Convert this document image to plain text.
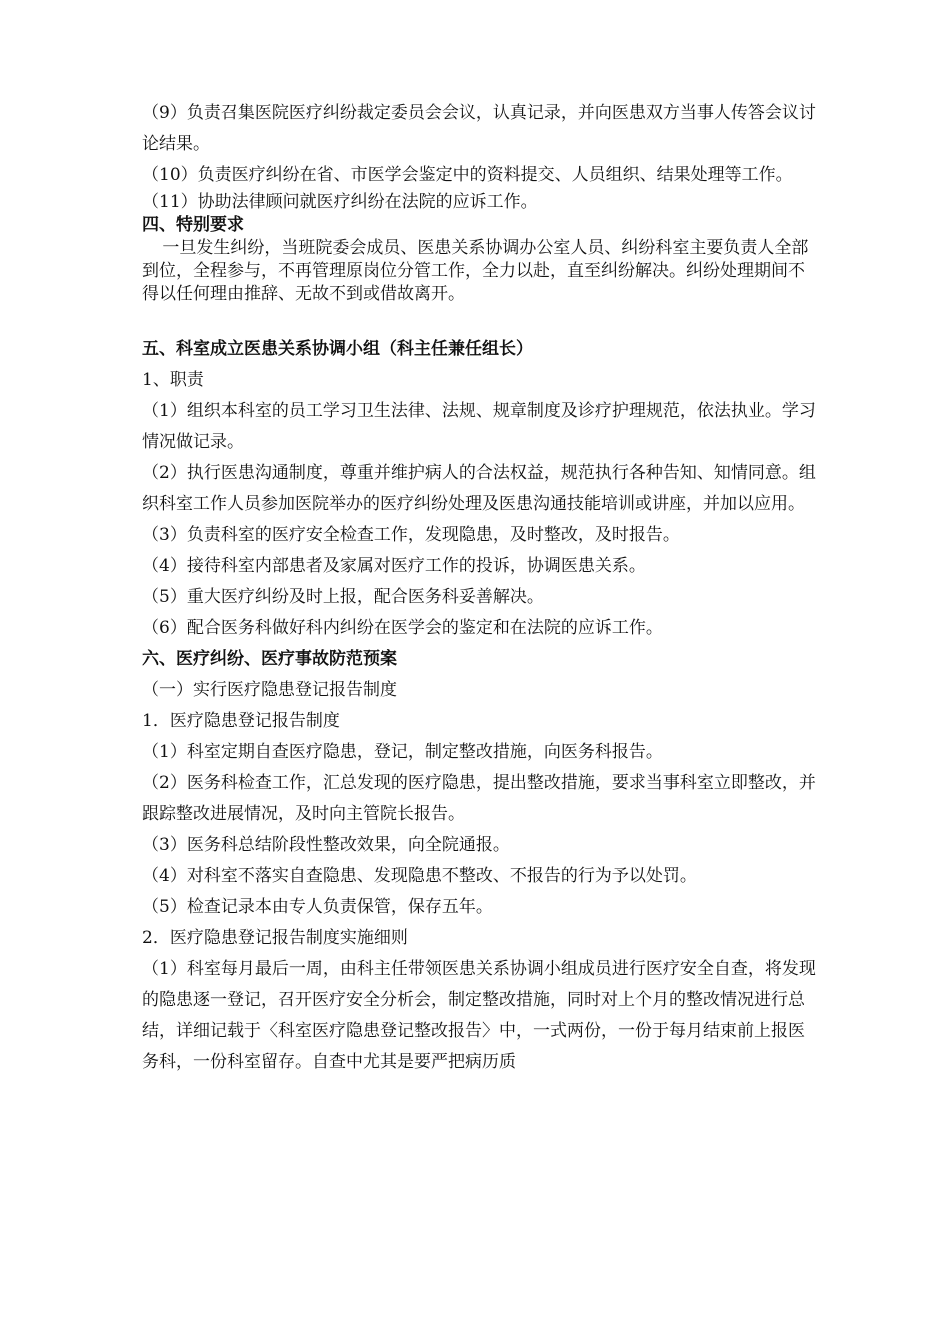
（9）负责召集医院医疗纠纷裁定委员会会议，认真记录，并向医患双方当事人传答会议讨论结果。

（10）负责医疗纠纷在省、市医学会鉴定中的资料提交、人员组织、结果处理等工作。

（11）协助法律顾问就医疗纠纷在法院的应诉工作。

四、特别要求

一旦发生纠纷，当班院委会成员、医患关系协调办公室人员、纠纷科室主要负责人全部到位，全程参与，不再管理原岗位分管工作，全力以赴，直至纠纷解决。纠纷处理期间不得以任何理由推辞、无故不到或借故离开。

五、科室成立医患关系协调小组（科主任兼任组长）

1、职责

（1）组织本科室的员工学习卫生法律、法规、规章制度及诊疗护理规范，依法执业。学习情况做记录。

（2）执行医患沟通制度，尊重并维护病人的合法权益，规范执行各种告知、知情同意。组织科室工作人员参加医院举办的医疗纠纷处理及医患沟通技能培训或讲座，并加以应用。

（3）负责科室的医疗安全检查工作，发现隐患，及时整改，及时报告。

（4）接待科室内部患者及家属对医疗工作的投诉，协调医患关系。

（5）重大医疗纠纷及时上报，配合医务科妥善解决。

（6）配合医务科做好科内纠纷在医学会的鉴定和在法院的应诉工作。

六、医疗纠纷、医疗事故防范预案

（一）实行医疗隐患登记报告制度

1．医疗隐患登记报告制度

（1）科室定期自查医疗隐患，登记，制定整改措施，向医务科报告。

（2）医务科检查工作，汇总发现的医疗隐患，提出整改措施，要求当事科室立即整改，并跟踪整改进展情况，及时向主管院长报告。

（3）医务科总结阶段性整改效果，向全院通报。

（4）对科室不落实自查隐患、发现隐患不整改、不报告的行为予以处罚。

（5）检查记录本由专人负责保管，保存五年。

2．医疗隐患登记报告制度实施细则

（1）科室每月最后一周，由科主任带领医患关系协调小组成员进行医疗安全自查，将发现的隐患逐一登记，召开医疗安全分析会，制定整改措施，同时对上个月的整改情况进行总结，详细记载于〈科室医疗隐患登记整改报告〉中，一式两份，一份于每月结束前上报医务科，一份科室留存。自查中尤其是要严把病历质
